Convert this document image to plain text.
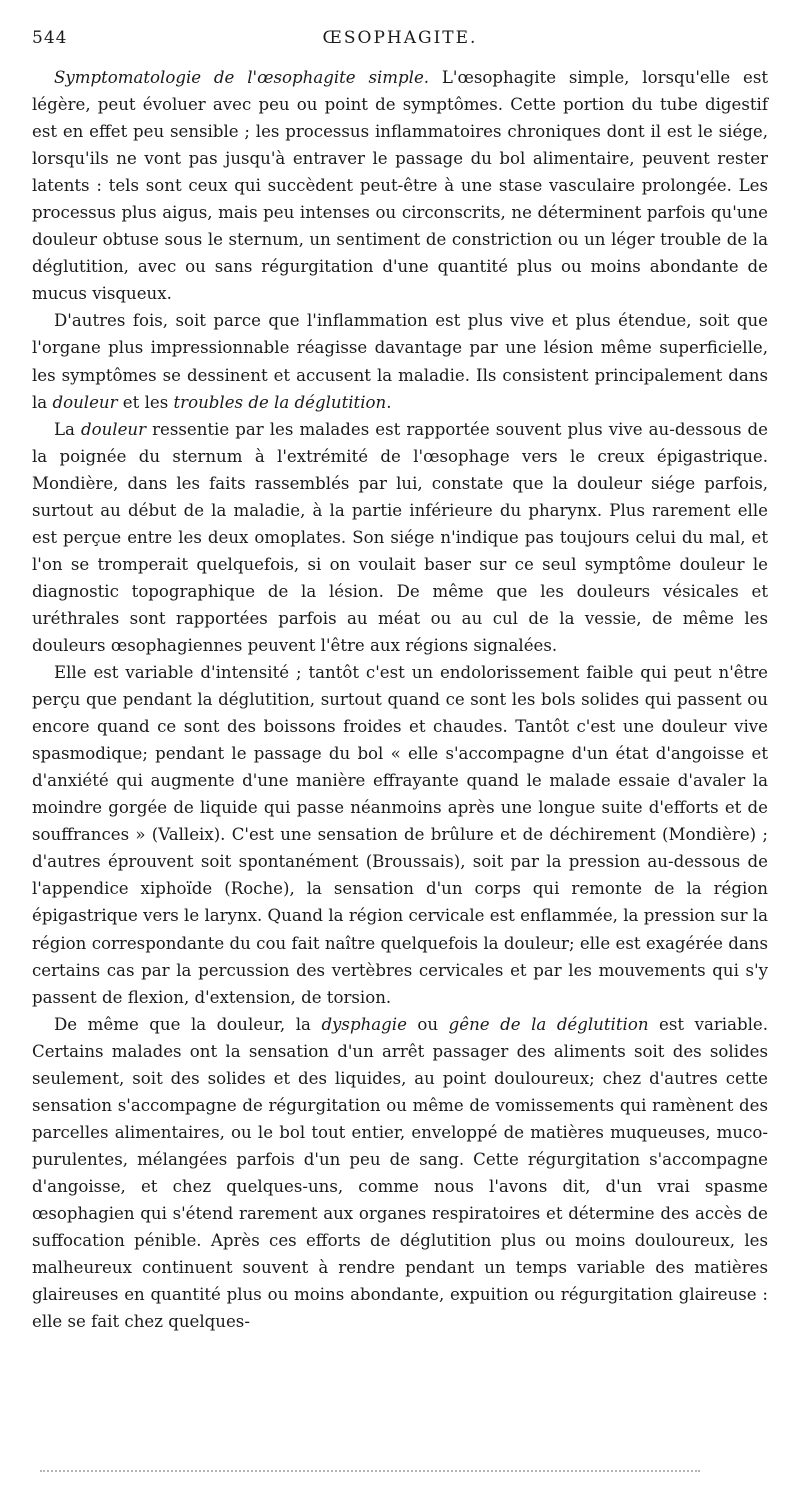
544	ŒSOPHAGITE.

Symptomatologie de l'œsophagite simple. L'œsophagite simple, lorsqu'elle est légère, peut évoluer avec peu ou point de symptômes. Cette portion du tube digestif est en effet peu sensible ; les processus inflammatoires chroniques dont il est le siége, lorsqu'ils ne vont pas jusqu'à entraver le passage du bol alimentaire, peuvent rester latents : tels sont ceux qui succèdent peut-être à une stase vasculaire prolongée. Les processus plus aigus, mais peu intenses ou circonscrits, ne déterminent parfois qu'une douleur obtuse sous le sternum, un sentiment de constriction ou un léger trouble de la déglutition, avec ou sans régurgitation d'une quantité plus ou moins abondante de mucus visqueux.

D'autres fois, soit parce que l'inflammation est plus vive et plus étendue, soit que l'organe plus impressionnable réagisse davantage par une lésion même superficielle, les symptômes se dessinent et accusent la maladie. Ils consistent principalement dans la douleur et les troubles de la déglutition.

La douleur ressentie par les malades est rapportée souvent plus vive au-dessous de la poignée du sternum à l'extrémité de l'œsophage vers le creux épigastrique. Mondière, dans les faits rassemblés par lui, constate que la douleur siége parfois, surtout au début de la maladie, à la partie inférieure du pharynx. Plus rarement elle est perçue entre les deux omoplates. Son siége n'indique pas toujours celui du mal, et l'on se tromperait quelquefois, si on voulait baser sur ce seul symptôme douleur le diagnostic topographique de la lésion. De même que les douleurs vésicales et uréthrales sont rapportées parfois au méat ou au cul de la vessie, de même les douleurs œsophagiennes peuvent l'être aux régions signalées.

Elle est variable d'intensité ; tantôt c'est un endolorissement faible qui peut n'être perçu que pendant la déglutition, surtout quand ce sont les bols solides qui passent ou encore quand ce sont des boissons froides et chaudes. Tantôt c'est une douleur vive spasmodique; pendant le passage du bol « elle s'accompagne d'un état d'angoisse et d'anxiété qui augmente d'une manière effrayante quand le malade essaie d'avaler la moindre gorgée de liquide qui passe néanmoins après une longue suite d'efforts et de souffrances » (Valleix). C'est une sensation de brûlure et de déchirement (Mondière) ; d'autres éprouvent soit spontanément (Broussais), soit par la pression au-dessous de l'appendice xiphoïde (Roche), la sensation d'un corps qui remonte de la région épigastrique vers le larynx. Quand la région cervicale est enflammée, la pression sur la région correspondante du cou fait naître quelquefois la douleur; elle est exagérée dans certains cas par la percussion des vertèbres cervicales et par les mouvements qui s'y passent de flexion, d'extension, de torsion.

De même que la douleur, la dysphagie ou gêne de la déglutition est variable. Certains malades ont la sensation d'un arrêt passager des aliments soit des solides seulement, soit des solides et des liquides, au point douloureux; chez d'autres cette sensation s'accompagne de régurgitation ou même de vomissements qui ramènent des parcelles alimentaires, ou le bol tout entier, enveloppé de matières muqueuses, muco-purulentes, mélangées parfois d'un peu de sang. Cette régurgitation s'accompagne d'angoisse, et chez quelques-uns, comme nous l'avons dit, d'un vrai spasme œsophagien qui s'étend rarement aux organes respiratoires et détermine des accès de suffocation pénible. Après ces efforts de déglutition plus ou moins douloureux, les malheureux continuent souvent à rendre pendant un temps variable des matières glaireuses en quantité plus ou moins abondante, expuition ou régurgitation glaireuse : elle se fait chez quelques-
